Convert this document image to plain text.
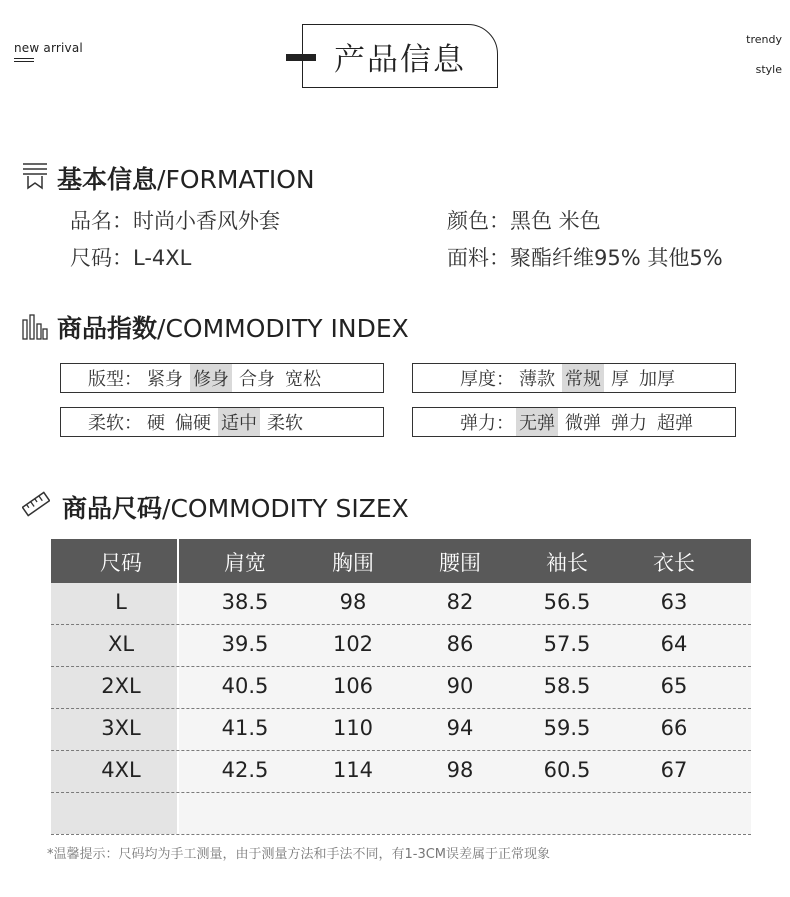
new arrival
trendy
style
产品信息
基本信息/FORMATION
品名：时尚小香风外套	颜色：黑色 米色
尺码：L-4XL	面料：聚酯纤维95% 其他5%
商品指数/COMMODITY INDEX
版型： 紧身 修身 合身 宽松	厚度： 薄款 常规 厚 加厚
柔软： 硬 偏硬 适中 柔软	弹力： 无弹 微弹 弹力 超弹
商品尺码/COMMODITY SIZEX
尺码	肩宽	胸围	腰围	袖长	衣长
L	38.5	98	82	56.5	63
XL	39.5	102	86	57.5	64
2XL	40.5	106	90	58.5	65
3XL	41.5	110	94	59.5	66
4XL	42.5	114	98	60.5	67
*温馨提示：尺码均为手工测量，由于测量方法和手法不同，有1-3CM误差属于正常现象
